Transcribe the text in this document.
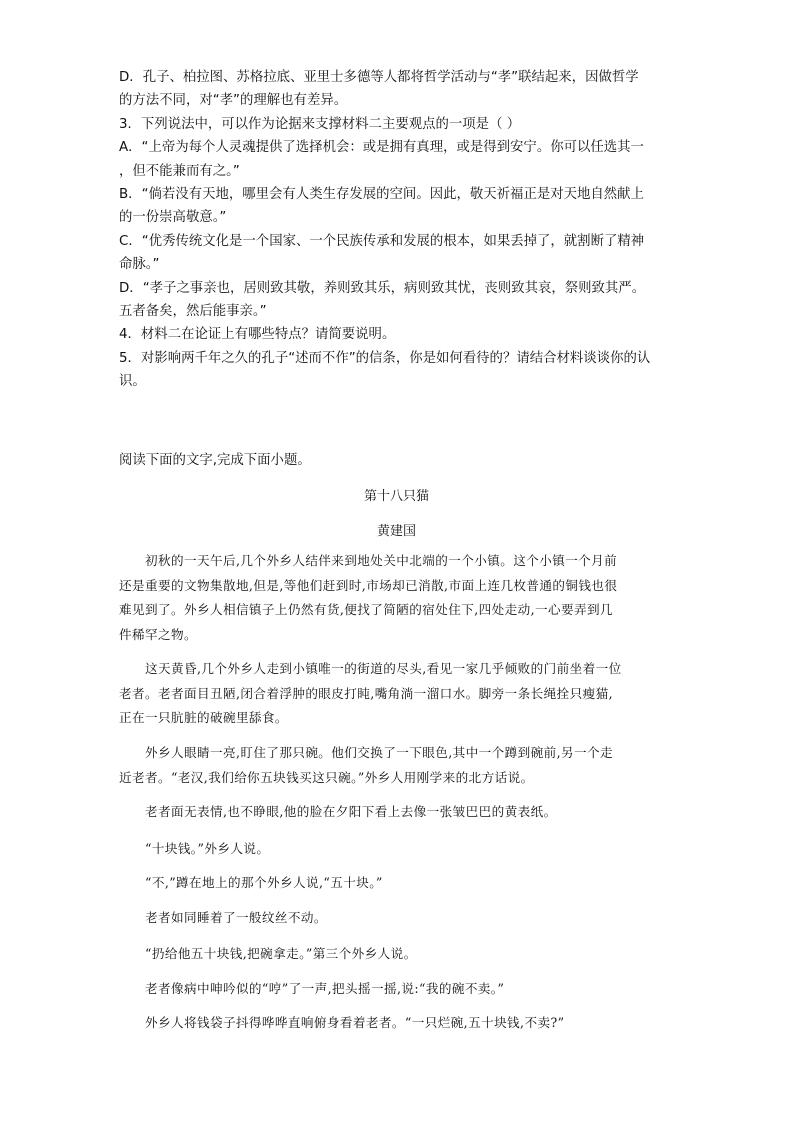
D．孔子、柏拉图、苏格拉底、亚里士多德等人都将哲学活动与“孝”联结起来，因做哲学

的方法不同，对“孝”的理解也有差异。

3．下列说法中，可以作为论据来支撑材料二主要观点的一项是（ ）

A．“上帝为每个人灵魂提供了选择机会：或是拥有真理，或是得到安宁。你可以任选其一

，但不能兼而有之。”

B．“倘若没有天地，哪里会有人类生存发展的空间。因此，敬天祈福正是对天地自然献上

的一份崇高敬意。”

C．“优秀传统文化是一个国家、一个民族传承和发展的根本，如果丢掉了，就割断了精神

命脉。”

D．“孝子之事亲也，居则致其敬，养则致其乐，病则致其忧，丧则致其哀，祭则致其严。

五者备矣，然后能事亲。”

4．材料二在论证上有哪些特点？请简要说明。

5．对影响两千年之久的孔子“述而不作”的信条，你是如何看待的？请结合材料谈谈你的认

识。

阅读下面的文字,完成下面小题。

第十八只猫

黄建国

　　初秋的一天午后,几个外乡人结伴来到地处关中北端的一个小镇。这个小镇一个月前

还是重要的文物集散地,但是,等他们赶到时,市场却已消散,市面上连几枚普通的铜钱也很

难见到了。外乡人相信镇子上仍然有货,便找了简陋的宿处住下,四处走动,一心要弄到几

件稀罕之物。

　　这天黄昏,几个外乡人走到小镇唯一的街道的尽头,看见一家几乎倾败的门前坐着一位

老者。老者面目丑陋,闭合着浮肿的眼皮打盹,嘴角淌一溜口水。脚旁一条长绳拴只瘦猫,

正在一只肮脏的破碗里舔食。

　　外乡人眼睛一亮,盯住了那只碗。他们交换了一下眼色,其中一个蹲到碗前,另一个走

近老者。“老汉,我们给你五块钱买这只碗。”外乡人用刚学来的北方话说。

　　老者面无表情,也不睁眼,他的脸在夕阳下看上去像一张皱巴巴的黄表纸。

　　“十块钱。”外乡人说。

　　“不,”蹲在地上的那个外乡人说,“五十块。”

　　老者如同睡着了一般纹丝不动。

　　“扔给他五十块钱,把碗拿走。”第三个外乡人说。

　　老者像病中呻吟似的“哼”了一声,把头摇一摇,说:“我的碗不卖。”

　　外乡人将钱袋子抖得哗哗直响俯身看着老者。“一只烂碗,五十块钱,不卖?”
